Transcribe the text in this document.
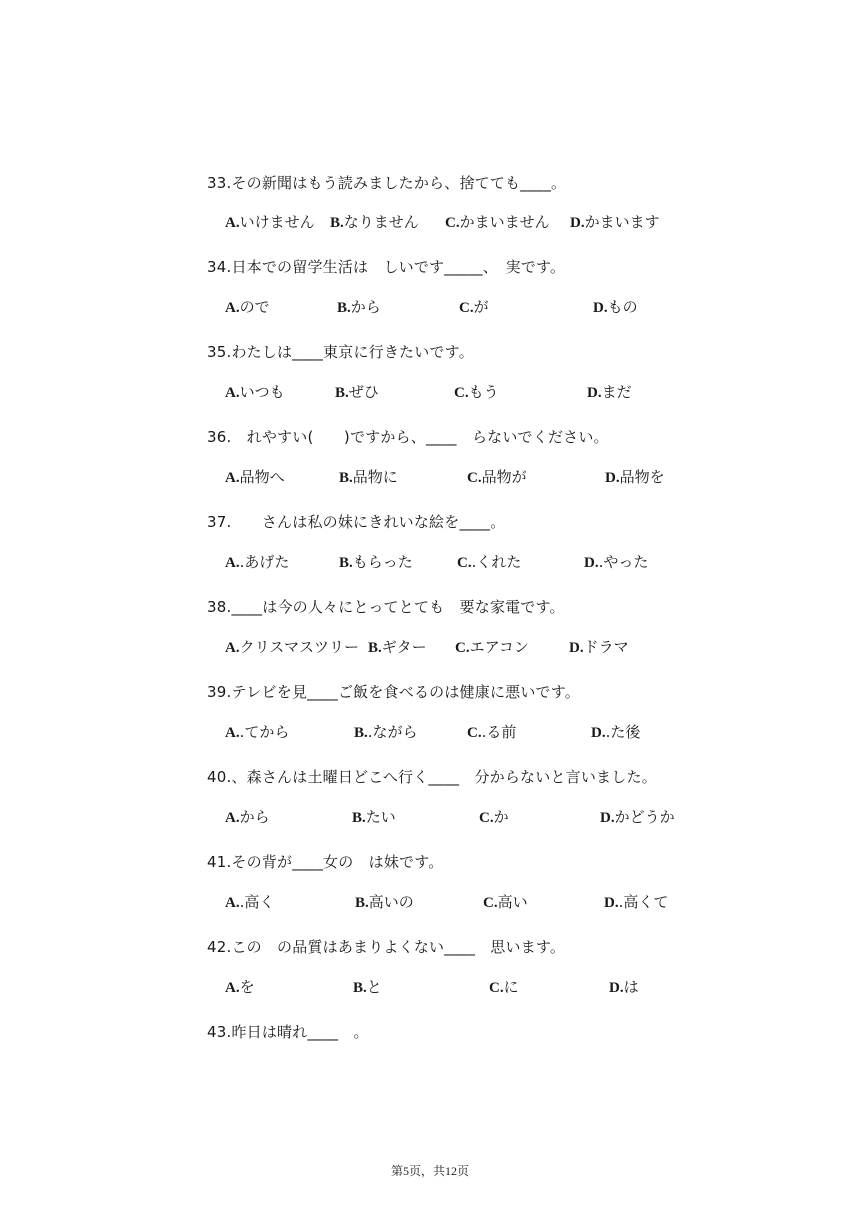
33.その新聞はもう読みましたから、捨てても____。
A.いけません B.なりません C.かまいません D.かまいます
34.日本での留学生活は　しいです_____、　実です。
A.ので	B.から	C.が	D.もの
35.わたしは____東京に行きたいです。
A.いつも	B.ぜひ	C.もう	D.まだ
36.　れやすい(　　)ですから、____　らないでください。
A.品物へ	B.品物に	C.品物が	D.品物を
37.　　さんは私の妹にきれいな絵を____。
A..あげた	B.もらった	C..くれた	D..やった
38.____は今の人々にとってとても　要な家電です。
A.クリスマスツリー B.ギター C.エアコン	D.ドラマ
39.テレビを見____ご飯を食べるのは健康に悪いです。
A..てから	B..ながら	C..る前	D..た後
40.、森さんは土曜日どこへ行く____　分からないと言いました。
A.から	B.たい	C.か	D.かどうか
41.その背が____女の　は妹です。
A..高く	B.高いの	C.高い	D..高くて
42.この　の品質はあまりよくない____　思います。
A.を	B.と	C.に	D.は
43.昨日は晴れ____　。
第5页，共12页
